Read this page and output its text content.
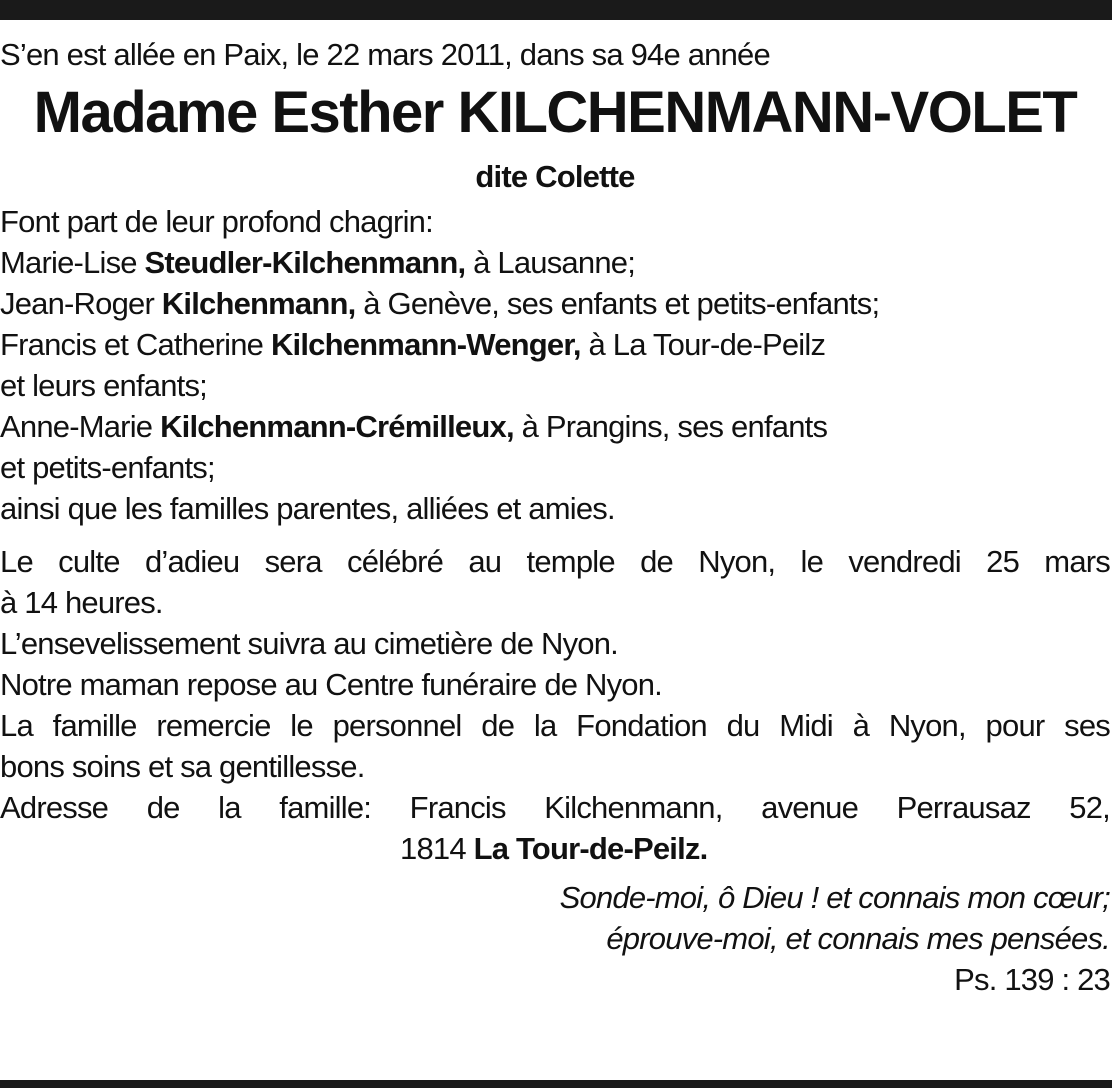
S’en est allée en Paix, le 22 mars 2011, dans sa 94e année
Madame Esther KILCHENMANN-VOLET
dite Colette
Font part de leur profond chagrin:
Marie-Lise Steudler-Kilchenmann, à Lausanne;
Jean-Roger Kilchenmann, à Genève, ses enfants et petits-enfants;
Francis et Catherine Kilchenmann-Wenger, à La Tour-de-Peilz
et leurs enfants;
Anne-Marie Kilchenmann-Crémilleux, à Prangins, ses enfants
et petits-enfants;
ainsi que les familles parentes, alliées et amies.
Le culte d’adieu sera célébré au temple de Nyon, le vendredi 25 mars
à 14 heures.
L’ensevelissement suivra au cimetière de Nyon.
Notre maman repose au Centre funéraire de Nyon.
La famille remercie le personnel de la Fondation du Midi à Nyon, pour ses
bons soins et sa gentillesse.
Adresse de la famille: Francis Kilchenmann, avenue Perrausaz 52,
1814 La Tour-de-Peilz.
Sonde-moi, ô Dieu ! et connais mon cœur;
éprouve-moi, et connais mes pensées.
Ps. 139 : 23
